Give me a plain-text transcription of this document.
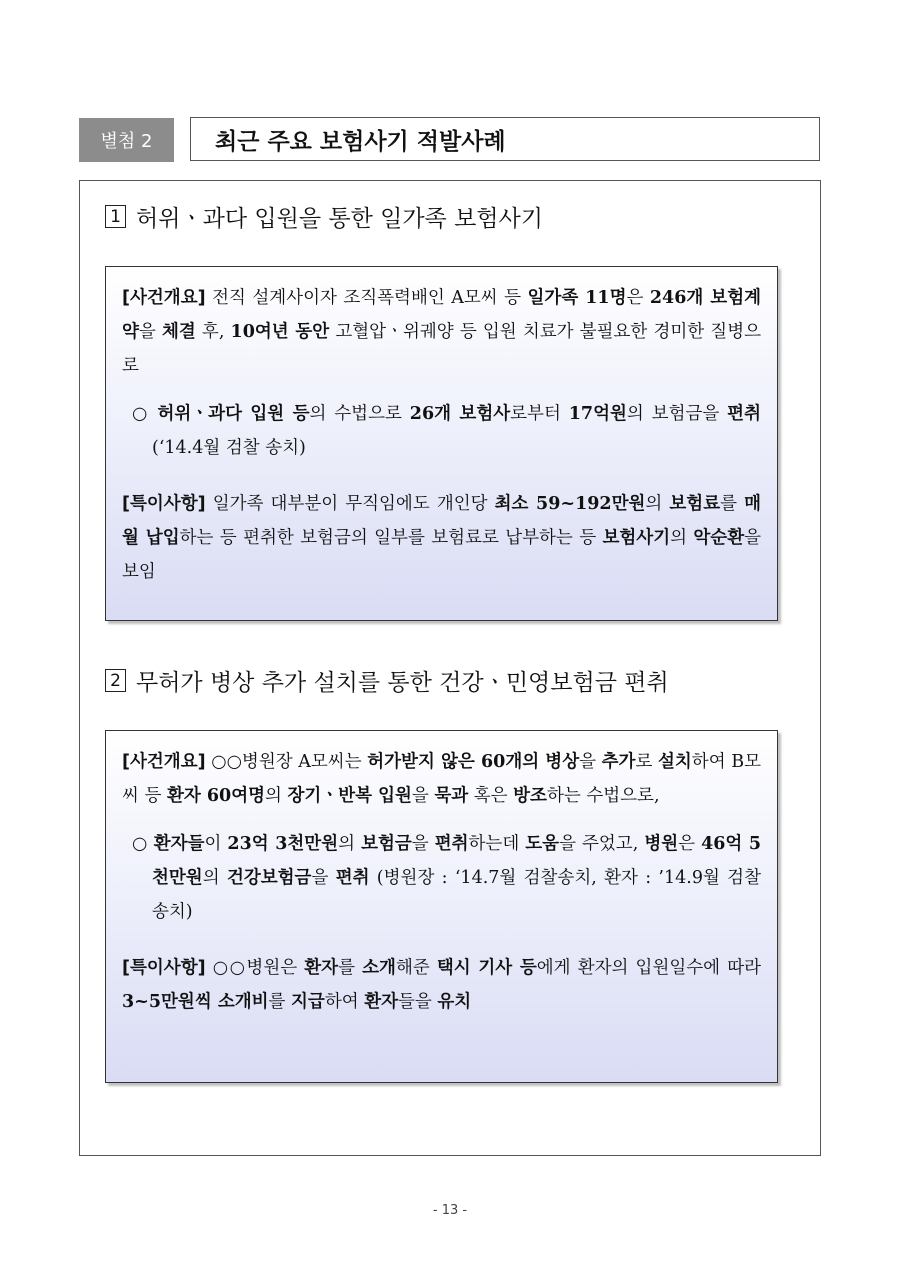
별첨 2	최근 주요 보험사기 적발사례
1 허위ㆍ과다 입원을 통한 일가족 보험사기

[사건개요] 전직 설계사이자 조직폭력배인 A모씨 등 일가족 11명은 246개 보험계약을 체결 후, 10여년 동안 고혈압ㆍ위궤양 등 입원 치료가 불필요한 경미한 질병으로

○ 허위ㆍ과다 입원 등의 수법으로 26개 보험사로부터 17억원의 보험금을 편취 (‘14.4월 검찰 송치)

[특이사항] 일가족 대부분이 무직임에도 개인당 최소 59~192만원의 보험료를 매월 납입하는 등 편취한 보험금의 일부를 보험료로 납부하는 등 보험사기의 악순환을 보임

2 무허가 병상 추가 설치를 통한 건강ㆍ민영보험금 편취

[사건개요] ○○병원장 A모씨는 허가받지 않은 60개의 병상을 추가로 설치하여 B모씨 등 환자 60여명의 장기ㆍ반복 입원을 묵과 혹은 방조하는 수법으로,

○ 환자들이 23억 3천만원의 보험금을 편취하는데 도움을 주었고, 병원은 46억 5천만원의 건강보험금을 편취 (병원장 : ‘14.7월 검찰송치, 환자 : ’14.9월 검찰 송치)

[특이사항] ○○병원은 환자를 소개해준 택시 기사 등에게 환자의 입원일수에 따라 3~5만원씩 소개비를 지급하여 환자들을 유치

- 13 -
